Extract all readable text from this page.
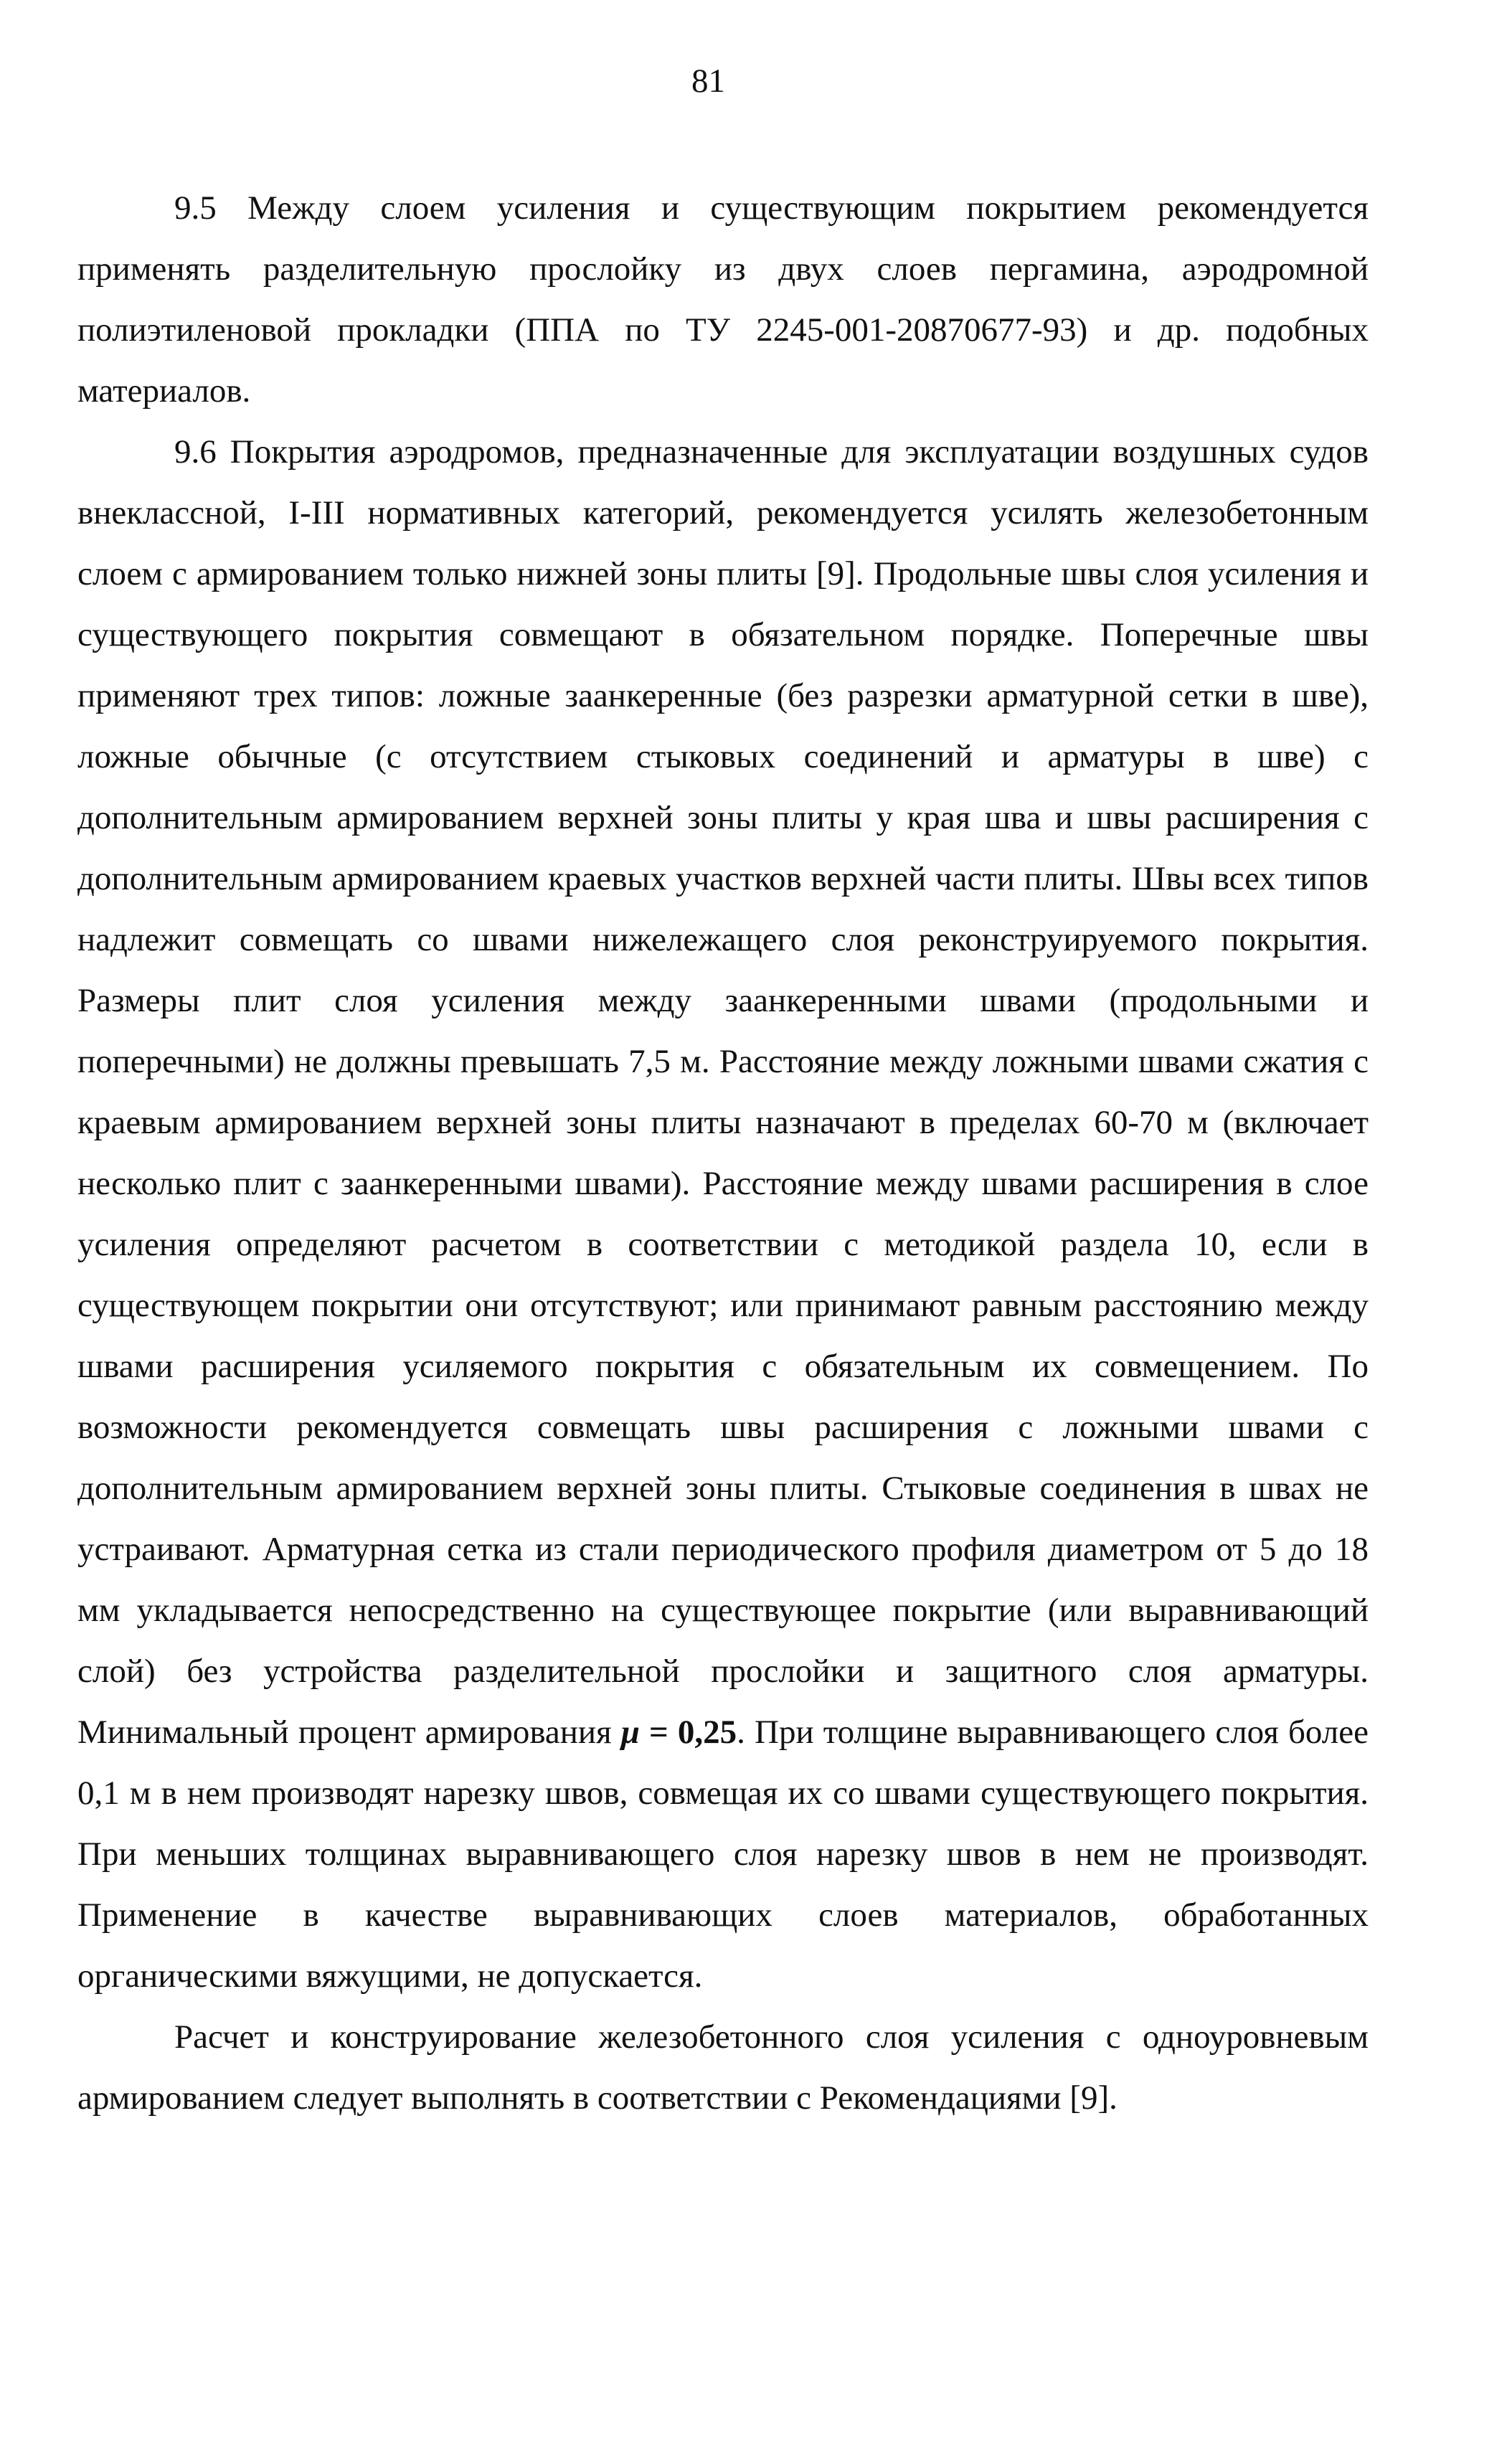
81

9.5 Между слоем усиления и существующим покрытием рекомендуется применять разделительную прослойку из двух слоев пергамина, аэродромной полиэтиленовой прокладки (ППА по ТУ 2245-001-20870677-93) и др. подобных материалов.

9.6 Покрытия аэродромов, предназначенные для эксплуатации воздушных судов внеклассной, I-III нормативных категорий, рекомендуется усилять железобетонным слоем с армированием только нижней зоны плиты [9]. Продольные швы слоя усиления и существующего покрытия совмещают в обязательном порядке. Поперечные швы применяют трех типов: ложные заанкеренные (без разрезки арматурной сетки в шве), ложные обычные (с отсутствием стыковых соединений и арматуры в шве) с дополнительным армированием верхней зоны плиты у края шва и швы расширения с дополнительным армированием краевых участков верхней части плиты. Швы всех типов надлежит совмещать со швами нижележащего слоя реконструируемого покрытия. Размеры плит слоя усиления между заанкеренными швами (продольными и поперечными) не должны превышать 7,5 м. Расстояние между ложными швами сжатия с краевым армированием верхней зоны плиты назначают в пределах 60-70 м (включает несколько плит с заанкеренными швами). Расстояние между швами расширения в слое усиления определяют расчетом в соответствии с методикой раздела 10, если в существующем покрытии они отсутствуют; или принимают равным расстоянию между швами расширения усиляемого покрытия с обязательным их совмещением. По возможности рекомендуется совмещать швы расширения с ложными швами с дополнительным армированием верхней зоны плиты. Стыковые соединения в швах не устраивают. Арматурная сетка из стали периодического профиля диаметром от 5 до 18 мм укладывается непосредственно на существующее покрытие (или выравнивающий слой) без устройства разделительной прослойки и защитного слоя арматуры. Минимальный процент армирования μ = 0,25. При толщине выравнивающего слоя более 0,1 м в нем производят нарезку швов, совмещая их со швами существующего покрытия. При меньших толщинах выравнивающего слоя нарезку швов в нем не производят. Применение в качестве выравнивающих слоев материалов, обработанных органическими вяжущими, не допускается.

Расчет и конструирование железобетонного слоя усиления с одноуровневым армированием следует выполнять в соответствии с Рекомендациями [9].
